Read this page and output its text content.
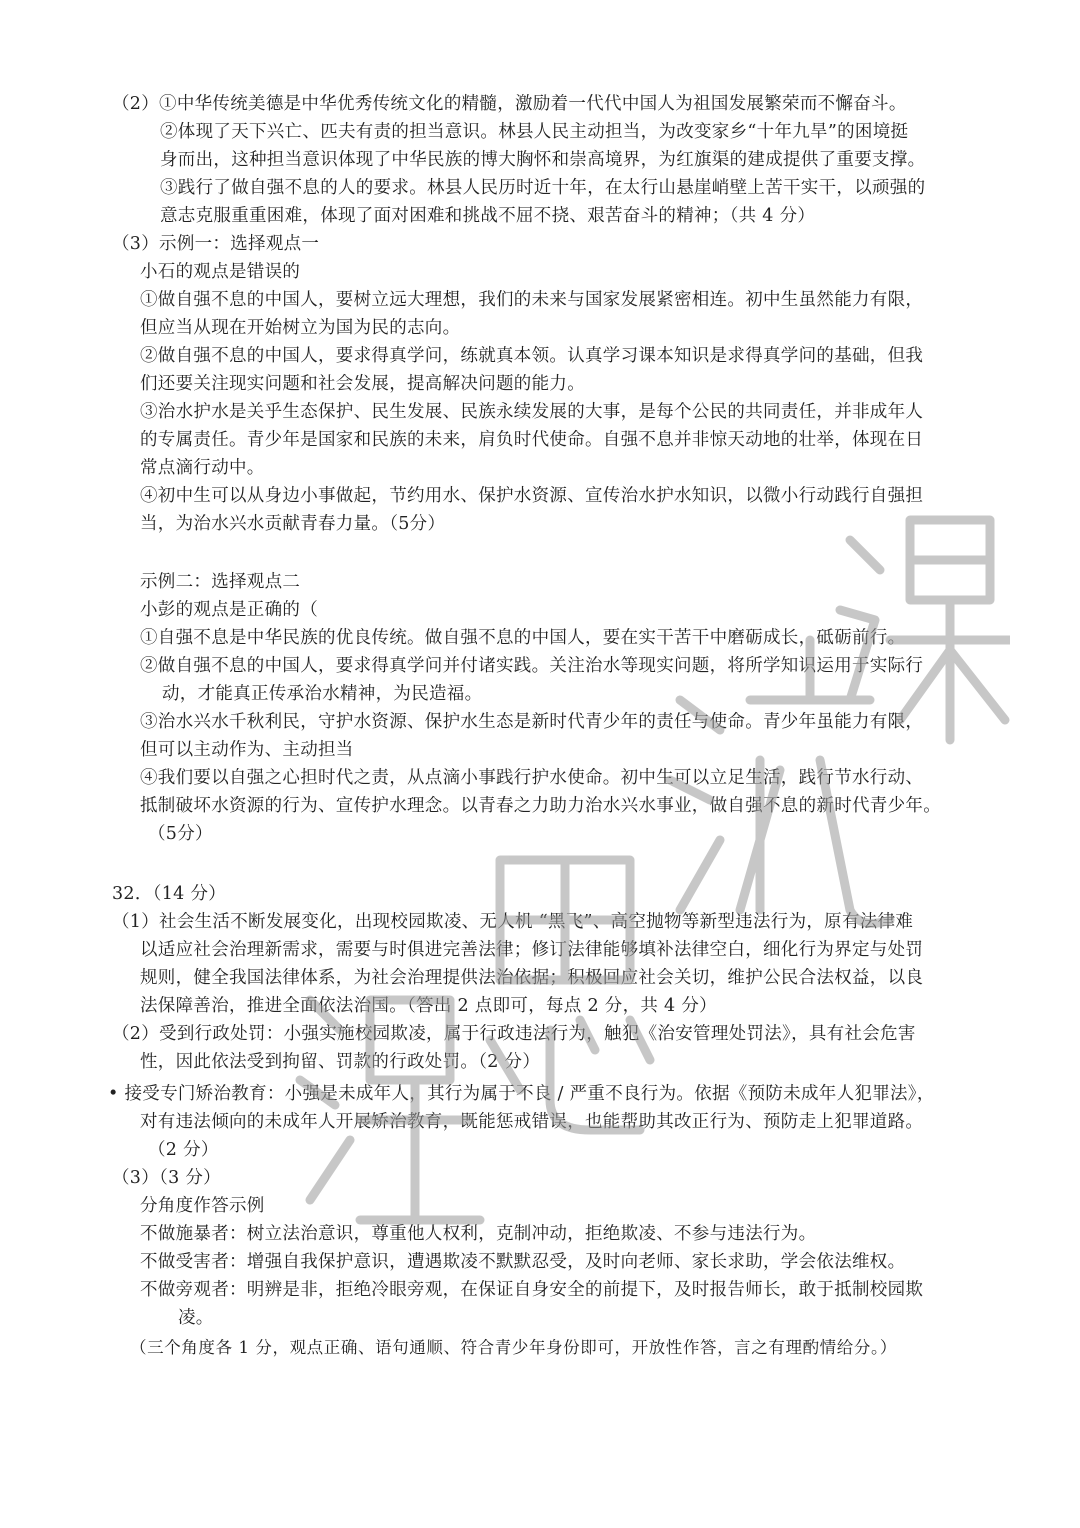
（2）①中华传统美德是中华优秀传统文化的精髓，激励着一代代中国人为祖国发展繁荣而不懈奋斗。
②体现了天下兴亡、匹夫有责的担当意识。林县人民主动担当，为改变家乡“十年九旱”的困境挺
身而出，这种担当意识体现了中华民族的博大胸怀和崇高境界，为红旗渠的建成提供了重要支撑。
③践行了做自强不息的人的要求。林县人民历时近十年，在太行山悬崖峭壁上苦干实干，以顽强的
意志克服重重困难，体现了面对困难和挑战不屈不挠、艰苦奋斗的精神；（共 4 分）
（3）示例一：选择观点一
小石的观点是错误的
①做自强不息的中国人，要树立远大理想，我们的未来与国家发展紧密相连。初中生虽然能力有限，
但应当从现在开始树立为国为民的志向。
②做自强不息的中国人，要求得真学问，练就真本领。认真学习课本知识是求得真学问的基础，但我
们还要关注现实问题和社会发展，提高解决问题的能力。
③治水护水是关乎生态保护、民生发展、民族永续发展的大事，是每个公民的共同责任，并非成年人
的专属责任。青少年是国家和民族的未来，肩负时代使命。自强不息并非惊天动地的壮举，体现在日
常点滴行动中。
④初中生可以从身边小事做起，节约用水、保护水资源、宣传治水护水知识，以微小行动践行自强担
当，为治水兴水贡献青春力量。（5分）
示例二：选择观点二
小彭的观点是正确的（
①自强不息是中华民族的优良传统。做自强不息的中国人，要在实干苦干中磨砺成长，砥砺前行。
②做自强不息的中国人，要求得真学问并付诸实践。关注治水等现实问题，将所学知识运用于实际行
动，才能真正传承治水精神，为民造福。
③治水兴水千秋利民，守护水资源、保护水生态是新时代青少年的责任与使命。青少年虽能力有限，
但可以主动作为、主动担当
④我们要以自强之心担时代之责，从点滴小事践行护水使命。初中生可以立足生活，践行节水行动、
抵制破坏水资源的行为、宣传护水理念。以青春之力助力治水兴水事业，做自强不息的新时代青少年。
（5分）
32．（14 分）
（1）社会生活不断发展变化，出现校园欺凌、无人机 “黑飞”、高空抛物等新型违法行为，原有法律难
以适应社会治理新需求，需要与时俱进完善法律；修订法律能够填补法律空白，细化行为界定与处罚
规则，健全我国法律体系，为社会治理提供法治依据；积极回应社会关切，维护公民合法权益，以良
法保障善治，推进全面依法治国。（答出 2 点即可，每点 2 分，共 4 分）
（2）受到行政处罚：小强实施校园欺凌，属于行政违法行为，触犯《治安管理处罚法》，具有社会危害
性，因此依法受到拘留、罚款的行政处罚。（2 分）
• 接受专门矫治教育：小强是未成年人，其行为属于不良 / 严重不良行为。依据《预防未成年人犯罪法》，
对有违法倾向的未成年人开展矫治教育，既能惩戒错误，也能帮助其改正行为、预防走上犯罪道路。
（2 分）
（3）（3 分）
分角度作答示例
不做施暴者：树立法治意识，尊重他人权利，克制冲动，拒绝欺凌、不参与违法行为。
不做受害者：增强自我保护意识，遭遇欺凌不默默忍受，及时向老师、家长求助，学会依法维权。
不做旁观者：明辨是非，拒绝冷眼旁观，在保证自身安全的前提下，及时报告师长，敢于抵制校园欺
凌。
（三个角度各 1 分，观点正确、语句通顺、符合青少年身份即可，开放性作答，言之有理酌情给分。）
